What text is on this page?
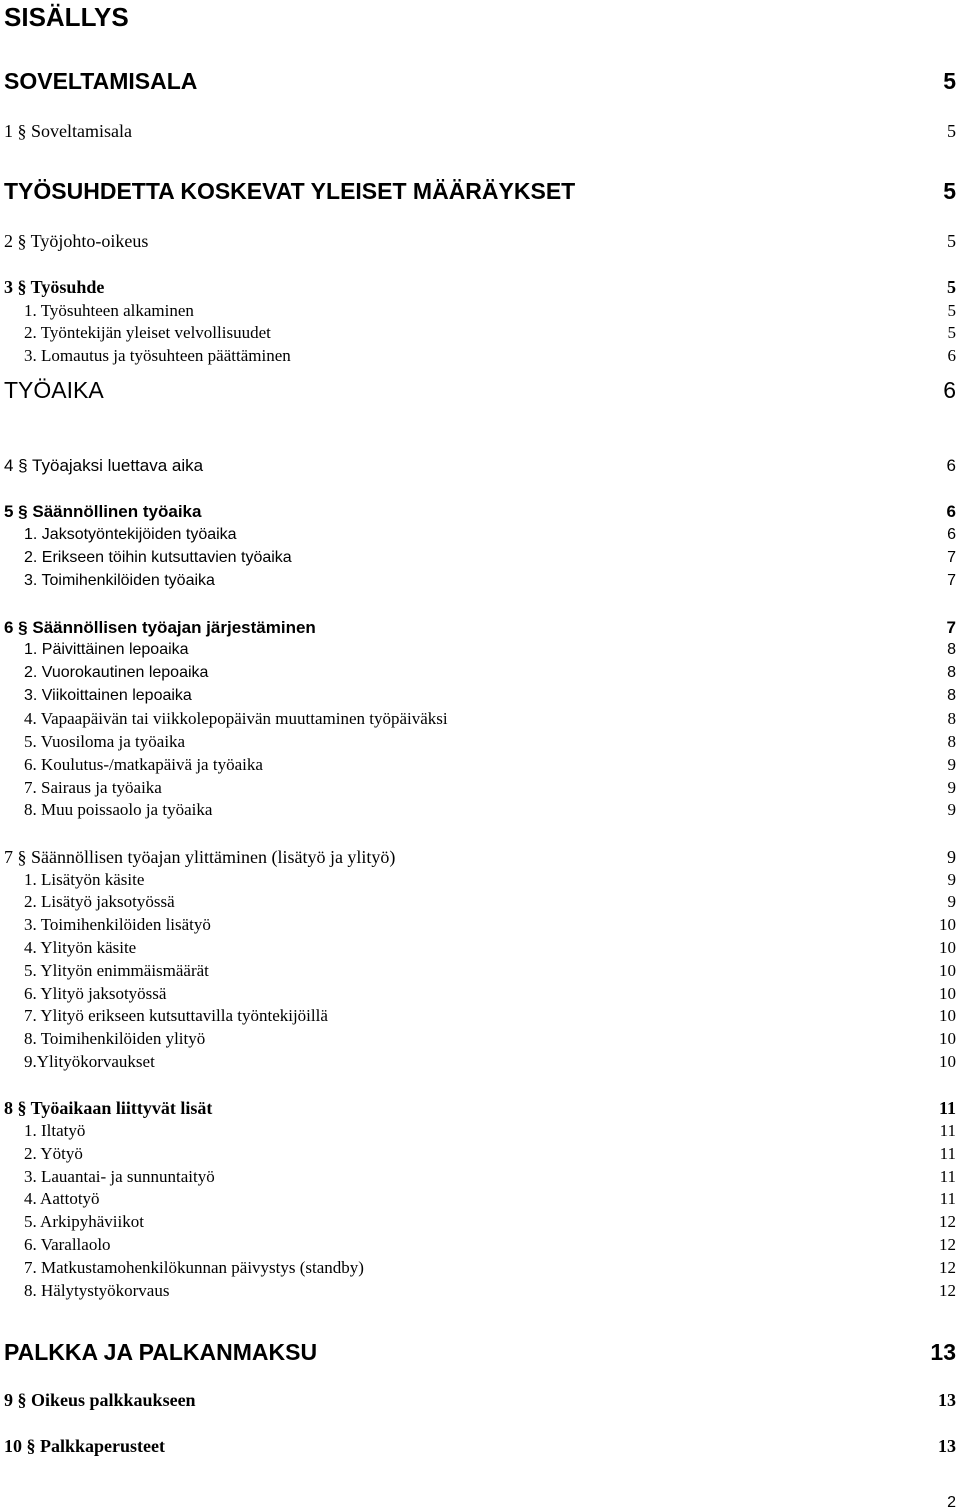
SISÄLLYS
SOVELTAMISALA	5
1 § Soveltamisala	5
TYÖSUHDETTA KOSKEVAT YLEISET MÄÄRÄYKSET	5
2 § Työjohto-oikeus	5
3 § Työsuhde	5
1. Työsuhteen alkaminen	5
2. Työntekijän yleiset velvollisuudet	5
3. Lomautus ja työsuhteen päättäminen	6
TYÖAIKA	6
4 § Työajaksi luettava aika	6
5 § Säännöllinen työaika	6
1. Jaksotyöntekijöiden työaika	6
2. Erikseen töihin kutsuttavien työaika	7
3. Toimihenkilöiden työaika	7
6 § Säännöllisen työajan järjestäminen	7
1. Päivittäinen lepoaika	8
2. Vuorokautinen lepoaika	8
3. Viikoittainen lepoaika	8
4. Vapaapäivän tai viikkolepopäivän muuttaminen työpäiväksi	8
5. Vuosiloma ja työaika	8
6. Koulutus-/matkapäivä ja työaika	9
7. Sairaus ja työaika	9
8. Muu poissaolo ja työaika	9
7 § Säännöllisen työajan ylittäminen (lisätyö ja ylityö)	9
1. Lisätyön käsite	9
2. Lisätyö jaksotyössä	9
3. Toimihenkilöiden lisätyö	10
4. Ylityön käsite	10
5. Ylityön enimmäismäärät	10
6. Ylityö jaksotyössä	10
7. Ylityö erikseen kutsuttavilla työntekijöillä	10
8. Toimihenkilöiden ylityö	10
9.Ylityökorvaukset	10
8 § Työaikaan liittyvät lisät	11
1. Iltatyö	11
2. Yötyö	11
3. Lauantai- ja sunnuntaityö	11
4. Aattotyö	11
5. Arkipyhäviikot	12
6. Varallaolo	12
7. Matkustamohenkilökunnan päivystys (standby)	12
8. Hälytystyökorvaus	12
PALKKA JA PALKANMAKSU	13
9 § Oikeus palkkaukseen	13
10 § Palkkaperusteet	13
2
